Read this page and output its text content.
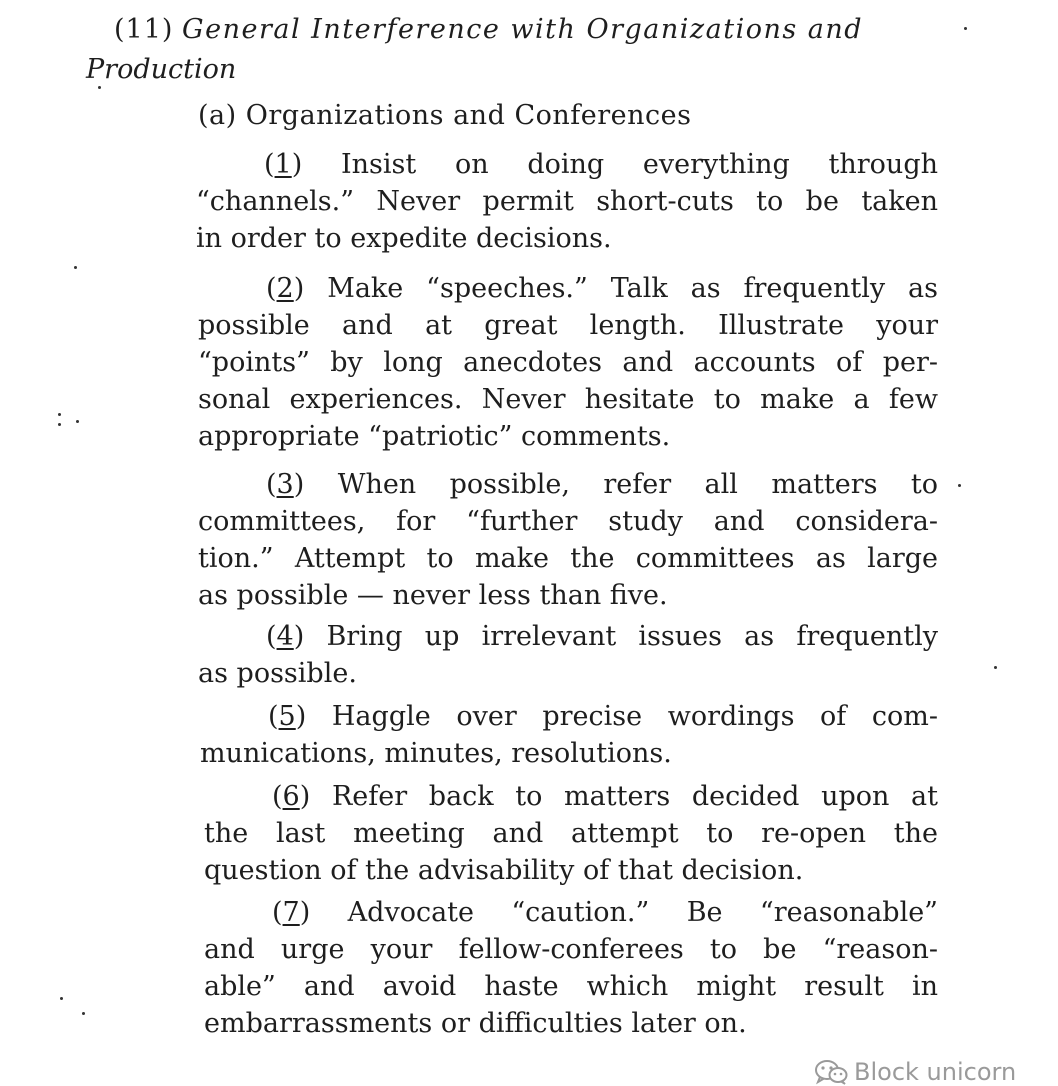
(11) General Interference with Organizations and
Production
(a) Organizations and Conferences
(1) Insist on doing everything through
“channels.” Never permit short-cuts to be taken
in order to expedite decisions.
(2) Make “speeches.” Talk as frequently as
possible and at great length. Illustrate your
“points” by long anecdotes and accounts of per-
sonal experiences. Never hesitate to make a few
appropriate “patriotic” comments.
(3) When possible, refer all matters to
committees, for “further study and considera-
tion.” Attempt to make the committees as large
as possible — never less than five.
(4) Bring up irrelevant issues as frequently
as possible.
(5) Haggle over precise wordings of com-
munications, minutes, resolutions.
(6) Refer back to matters decided upon at
the last meeting and attempt to re-open the
question of the advisability of that decision.
(7) Advocate “caution.” Be “reasonable”
and urge your fellow-conferees to be “reason-
able” and avoid haste which might result in
embarrassments or difficulties later on.
Block unicorn
